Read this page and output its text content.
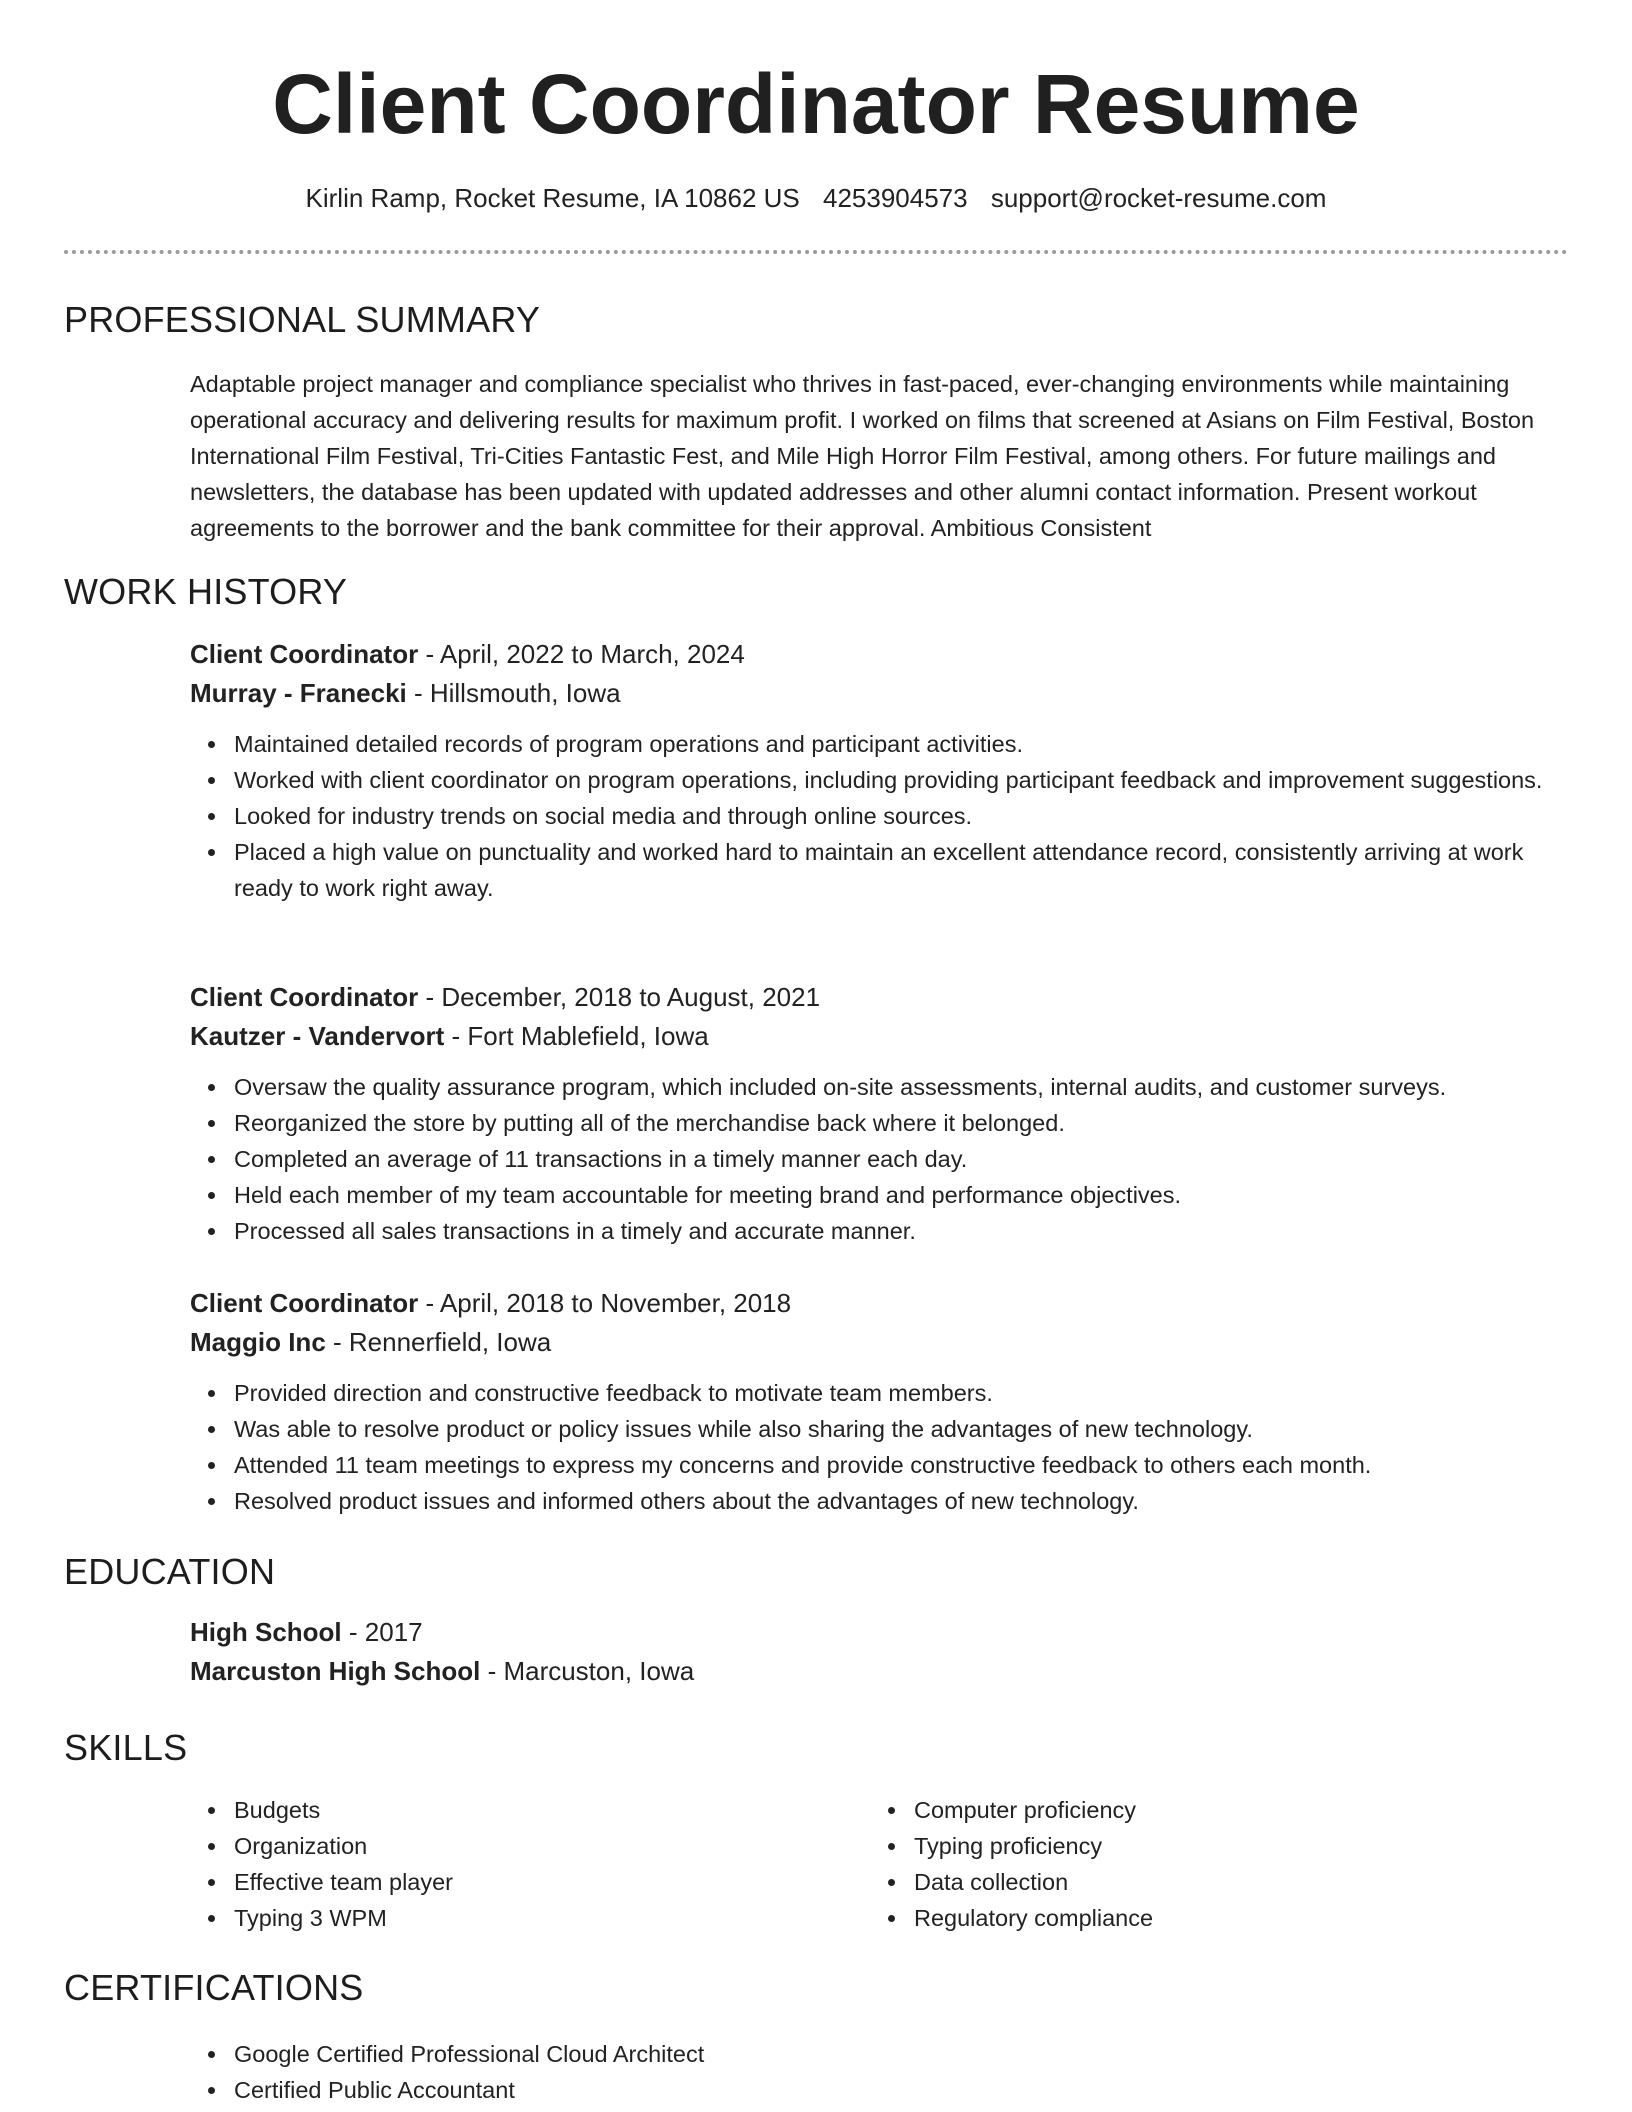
Client Coordinator Resume
Kirlin Ramp, Rocket Resume, IA 10862 US 4253904573 support@rocket-resume.com
PROFESSIONAL SUMMARY

Adaptable project manager and compliance specialist who thrives in fast-paced, ever-changing environments while maintaining operational accuracy and delivering results for maximum profit. I worked on films that screened at Asians on Film Festival, Boston International Film Festival, Tri-Cities Fantastic Fest, and Mile High Horror Film Festival, among others. For future mailings and newsletters, the database has been updated with updated addresses and other alumni contact information. Present workout agreements to the borrower and the bank committee for their approval. Ambitious Consistent

WORK HISTORY
Client Coordinator - April, 2022 to March, 2024
Murray - Franecki - Hillsmouth, Iowa
Maintained detailed records of program operations and participant activities.
Worked with client coordinator on program operations, including providing participant feedback and improvement suggestions.
Looked for industry trends on social media and through online sources.
Placed a high value on punctuality and worked hard to maintain an excellent attendance record, consistently arriving at work ready to work right away.
Client Coordinator - December, 2018 to August, 2021
Kautzer - Vandervort - Fort Mablefield, Iowa
Oversaw the quality assurance program, which included on-site assessments, internal audits, and customer surveys.
Reorganized the store by putting all of the merchandise back where it belonged.
Completed an average of 11 transactions in a timely manner each day.
Held each member of my team accountable for meeting brand and performance objectives.
Processed all sales transactions in a timely and accurate manner.
Client Coordinator - April, 2018 to November, 2018
Maggio Inc - Rennerfield, Iowa
Provided direction and constructive feedback to motivate team members.
Was able to resolve product or policy issues while also sharing the advantages of new technology.
Attended 11 team meetings to express my concerns and provide constructive feedback to others each month.
Resolved product issues and informed others about the advantages of new technology.
EDUCATION
High School - 2017
Marcuston High School - Marcuston, Iowa
SKILLS
Budgets
Organization
Effective team player
Typing 3 WPM
Computer proficiency
Typing proficiency
Data collection
Regulatory compliance
CERTIFICATIONS
Google Certified Professional Cloud Architect
Certified Public Accountant
